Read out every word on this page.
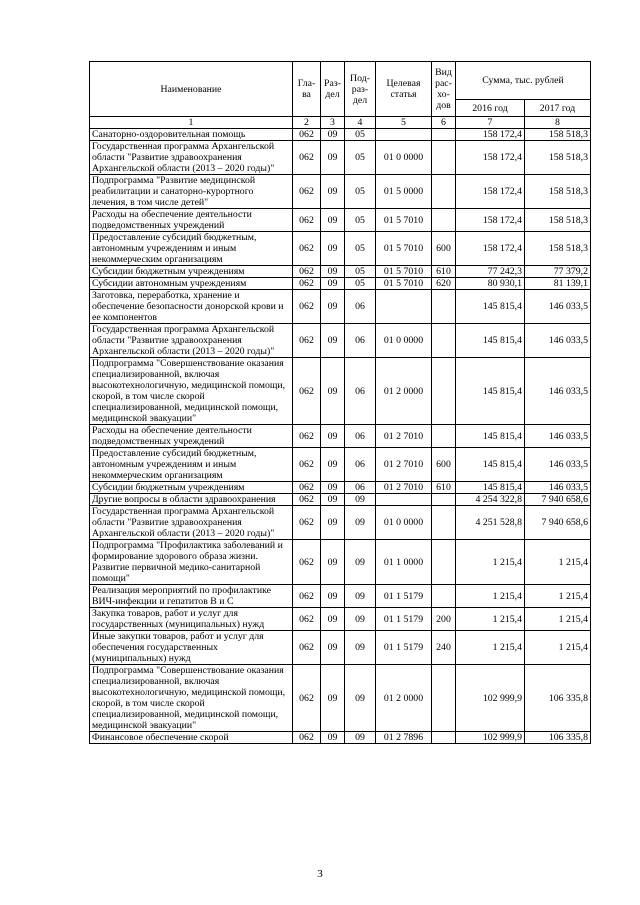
Наименование	Гла-ва	Раз-дел	Под-раз-дел	Целевая статья	Вид рас-хо-дов	Сумма, тыс. рублей	
						2016 год	2017 год
1	2	3	4	5	6	7	8
Санаторно-оздоровительная помощь	062	09	05			158 172,4	158 518,3
Государственная программа Архангельской области "Развитие здравоохранения Архангельской области (2013 – 2020 годы)"	062	09	05	01 0 0000		158 172,4	158 518,3
Подпрограмма "Развитие медицинской реабилитации и санаторно-курортного лечения, в том числе детей"	062	09	05	01 5 0000		158 172,4	158 518,3
Расходы на обеспечение деятельности подведомственных учреждений	062	09	05	01 5 7010		158 172,4	158 518,3
Предоставление субсидий бюджетным, автономным учреждениям и иным некоммерческим организациям	062	09	05	01 5 7010	600	158 172,4	158 518,3
Субсидии бюджетным учреждениям	062	09	05	01 5 7010	610	77 242,3	77 379,2
Субсидии автономным учреждениям	062	09	05	01 5 7010	620	80 930,1	81 139,1
Заготовка, переработка, хранение и обеспечение безопасности донорской крови и ее компонентов	062	09	06			145 815,4	146 033,5
Государственная программа Архангельской области "Развитие здравоохранения Архангельской области (2013 – 2020 годы)"	062	09	06	01 0 0000		145 815,4	146 033,5
Подпрограмма "Совершенствование оказания специализированной, включая высокотехнологичную, медицинской помощи, скорой, в том числе скорой специализированной, медицинской помощи, медицинской эвакуации"	062	09	06	01 2 0000		145 815,4	146 033,5
Расходы на обеспечение деятельности подведомственных учреждений	062	09	06	01 2 7010		145 815,4	146 033,5
Предоставление субсидий бюджетным, автономным учреждениям и иным некоммерческим организациям	062	09	06	01 2 7010	600	145 815,4	146 033,5
Субсидии бюджетным учреждениям	062	09	06	01 2 7010	610	145 815,4	146 033,5
Другие вопросы в области здравоохранения	062	09	09			4 254 322,8	7 940 658,6
Государственная программа Архангельской области "Развитие здравоохранения Архангельской области (2013 – 2020 годы)"	062	09	09	01 0 0000		4 251 528,8	7 940 658,6
Подпрограмма "Профилактика заболеваний и формирование здорового образа жизни. Развитие первичной медико-санитарной помощи"	062	09	09	01 1 0000		1 215,4	1 215,4
Реализация мероприятий по профилактике ВИЧ-инфекции и гепатитов В и С	062	09	09	01 1 5179		1 215,4	1 215,4
Закупка товаров, работ и услуг для государственных (муниципальных) нужд	062	09	09	01 1 5179	200	1 215,4	1 215,4
Иные закупки товаров, работ и услуг для обеспечения государственных (муниципальных) нужд	062	09	09	01 1 5179	240	1 215,4	1 215,4
Подпрограмма "Совершенствование оказания специализированной, включая высокотехнологичную, медицинской помощи, скорой, в том числе скорой специализированной, медицинской помощи, медицинской эвакуации"	062	09	09	01 2 0000		102 999,9	106 335,8
Финансовое обеспечение скорой	062	09	09	01 2 7896		102 999,9	106 335,8
3
